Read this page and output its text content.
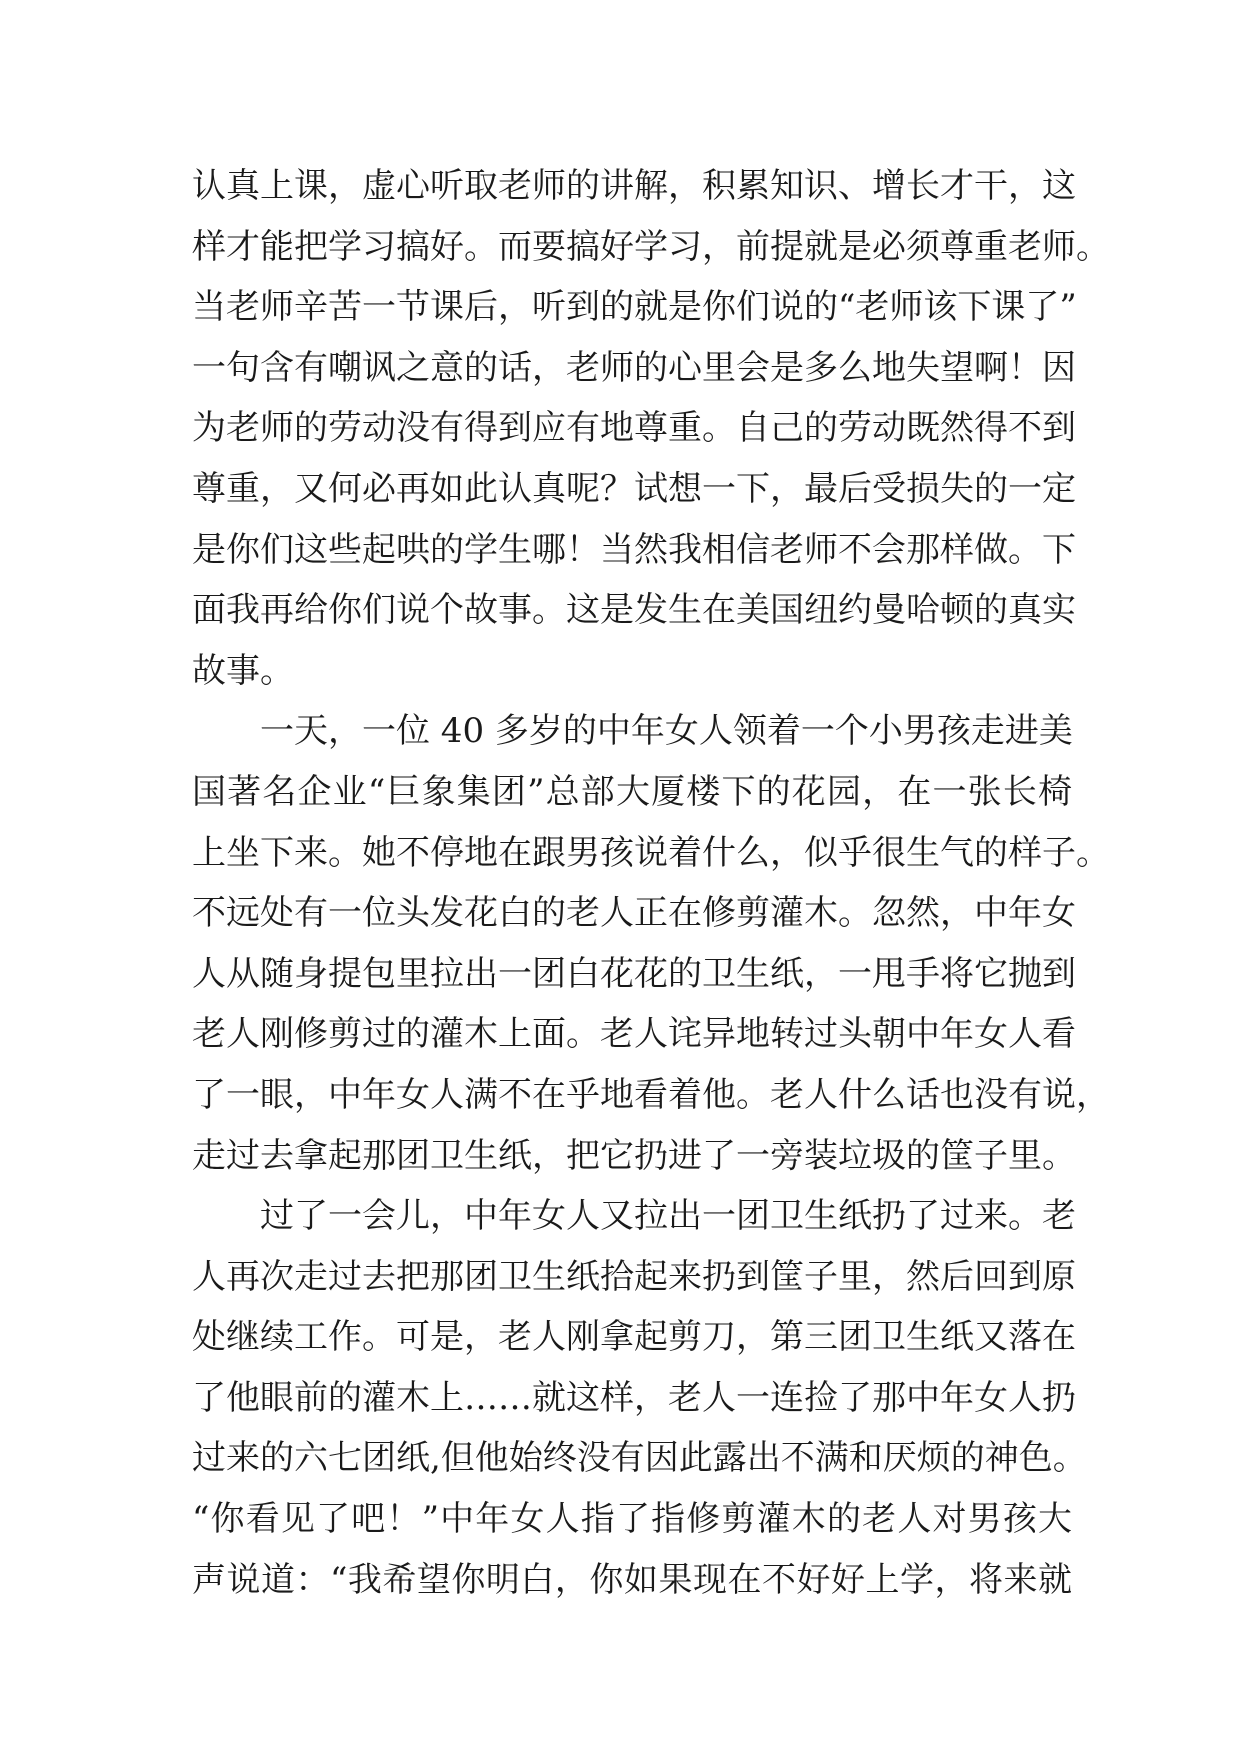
认真上课，虚心听取老师的讲解，积累知识、增长才干，这
样才能把学习搞好。而要搞好学习，前提就是必须尊重老师。
当老师辛苦一节课后，听到的就是你们说的“老师该下课了”
一句含有嘲讽之意的话，老师的心里会是多么地失望啊！因
为老师的劳动没有得到应有地尊重。自己的劳动既然得不到
尊重，又何必再如此认真呢？试想一下，最后受损失的一定
是你们这些起哄的学生哪！当然我相信老师不会那样做。下
面我再给你们说个故事。这是发生在美国纽约曼哈顿的真实
故事。
一天，一位 40 多岁的中年女人领着一个小男孩走进美
国著名企业“巨象集团”总部大厦楼下的花园，在一张长椅
上坐下来。她不停地在跟男孩说着什么，似乎很生气的样子。
不远处有一位头发花白的老人正在修剪灌木。忽然，中年女
人从随身提包里拉出一团白花花的卫生纸，一甩手将它抛到
老人刚修剪过的灌木上面。老人诧异地转过头朝中年女人看
了一眼，中年女人满不在乎地看着他。老人什么话也没有说，
走过去拿起那团卫生纸，把它扔进了一旁装垃圾的筐子里。
过了一会儿，中年女人又拉出一团卫生纸扔了过来。老
人再次走过去把那团卫生纸拾起来扔到筐子里，然后回到原
处继续工作。可是，老人刚拿起剪刀，第三团卫生纸又落在
了他眼前的灌木上……就这样，老人一连捡了那中年女人扔
过来的六七团纸,但他始终没有因此露出不满和厌烦的神色。
“你看见了吧！”中年女人指了指修剪灌木的老人对男孩大
声说道：“我希望你明白，你如果现在不好好上学，将来就
